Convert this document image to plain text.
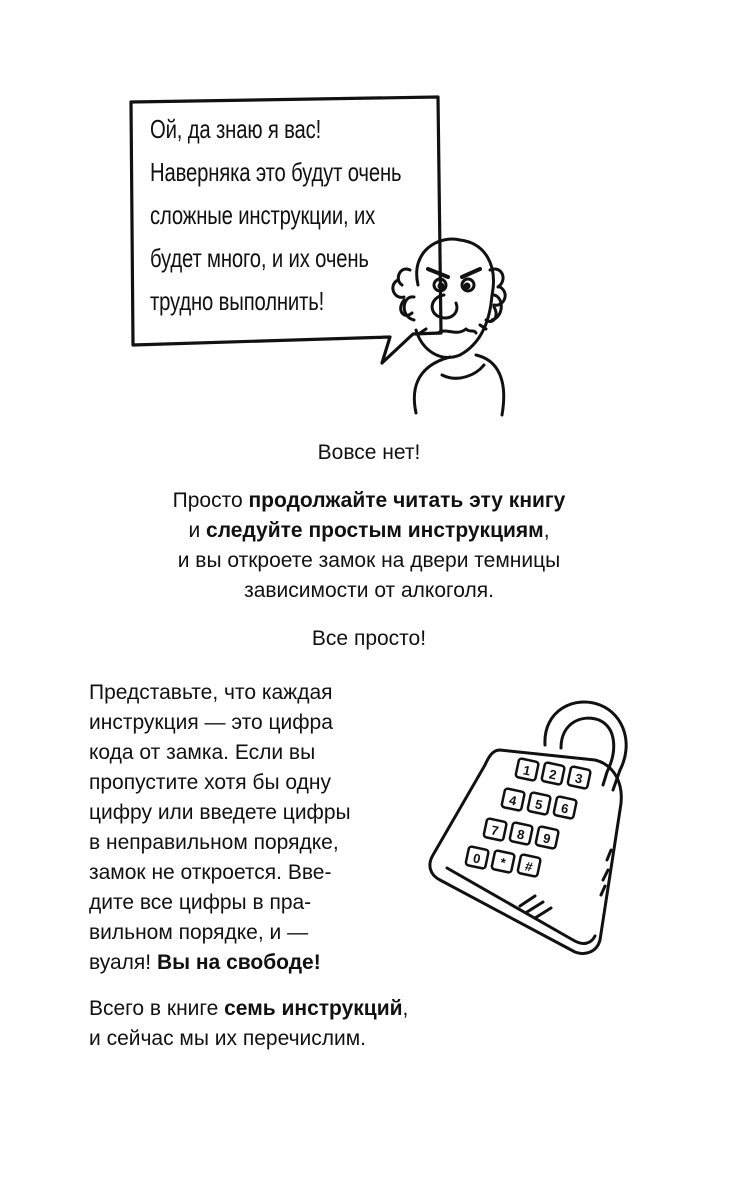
Ой, да знаю я вас!
Наверняка это будут очень
сложные инструкции, их
будет много, и их очень
трудно выполнить!
Вовсе нет!
Просто продолжайте читать эту книгу
и следуйте простым инструкциям,
и вы откроете замок на двери темницы
зависимости от алкоголя.
Все просто!
Представьте, что каждая
инструкция — это цифра
кода от замка. Если вы
пропустите хотя бы одну
цифру или введете цифры
в неправильном порядке,
замок не откроется. Вве-
дите все цифры в пра-
вильном порядке, и —
вуаля! Вы на свободе!
1 2 3
4 5 6
7 8 9
0 * #
Всего в книге семь инструкций,
и сейчас мы их перечислим.
